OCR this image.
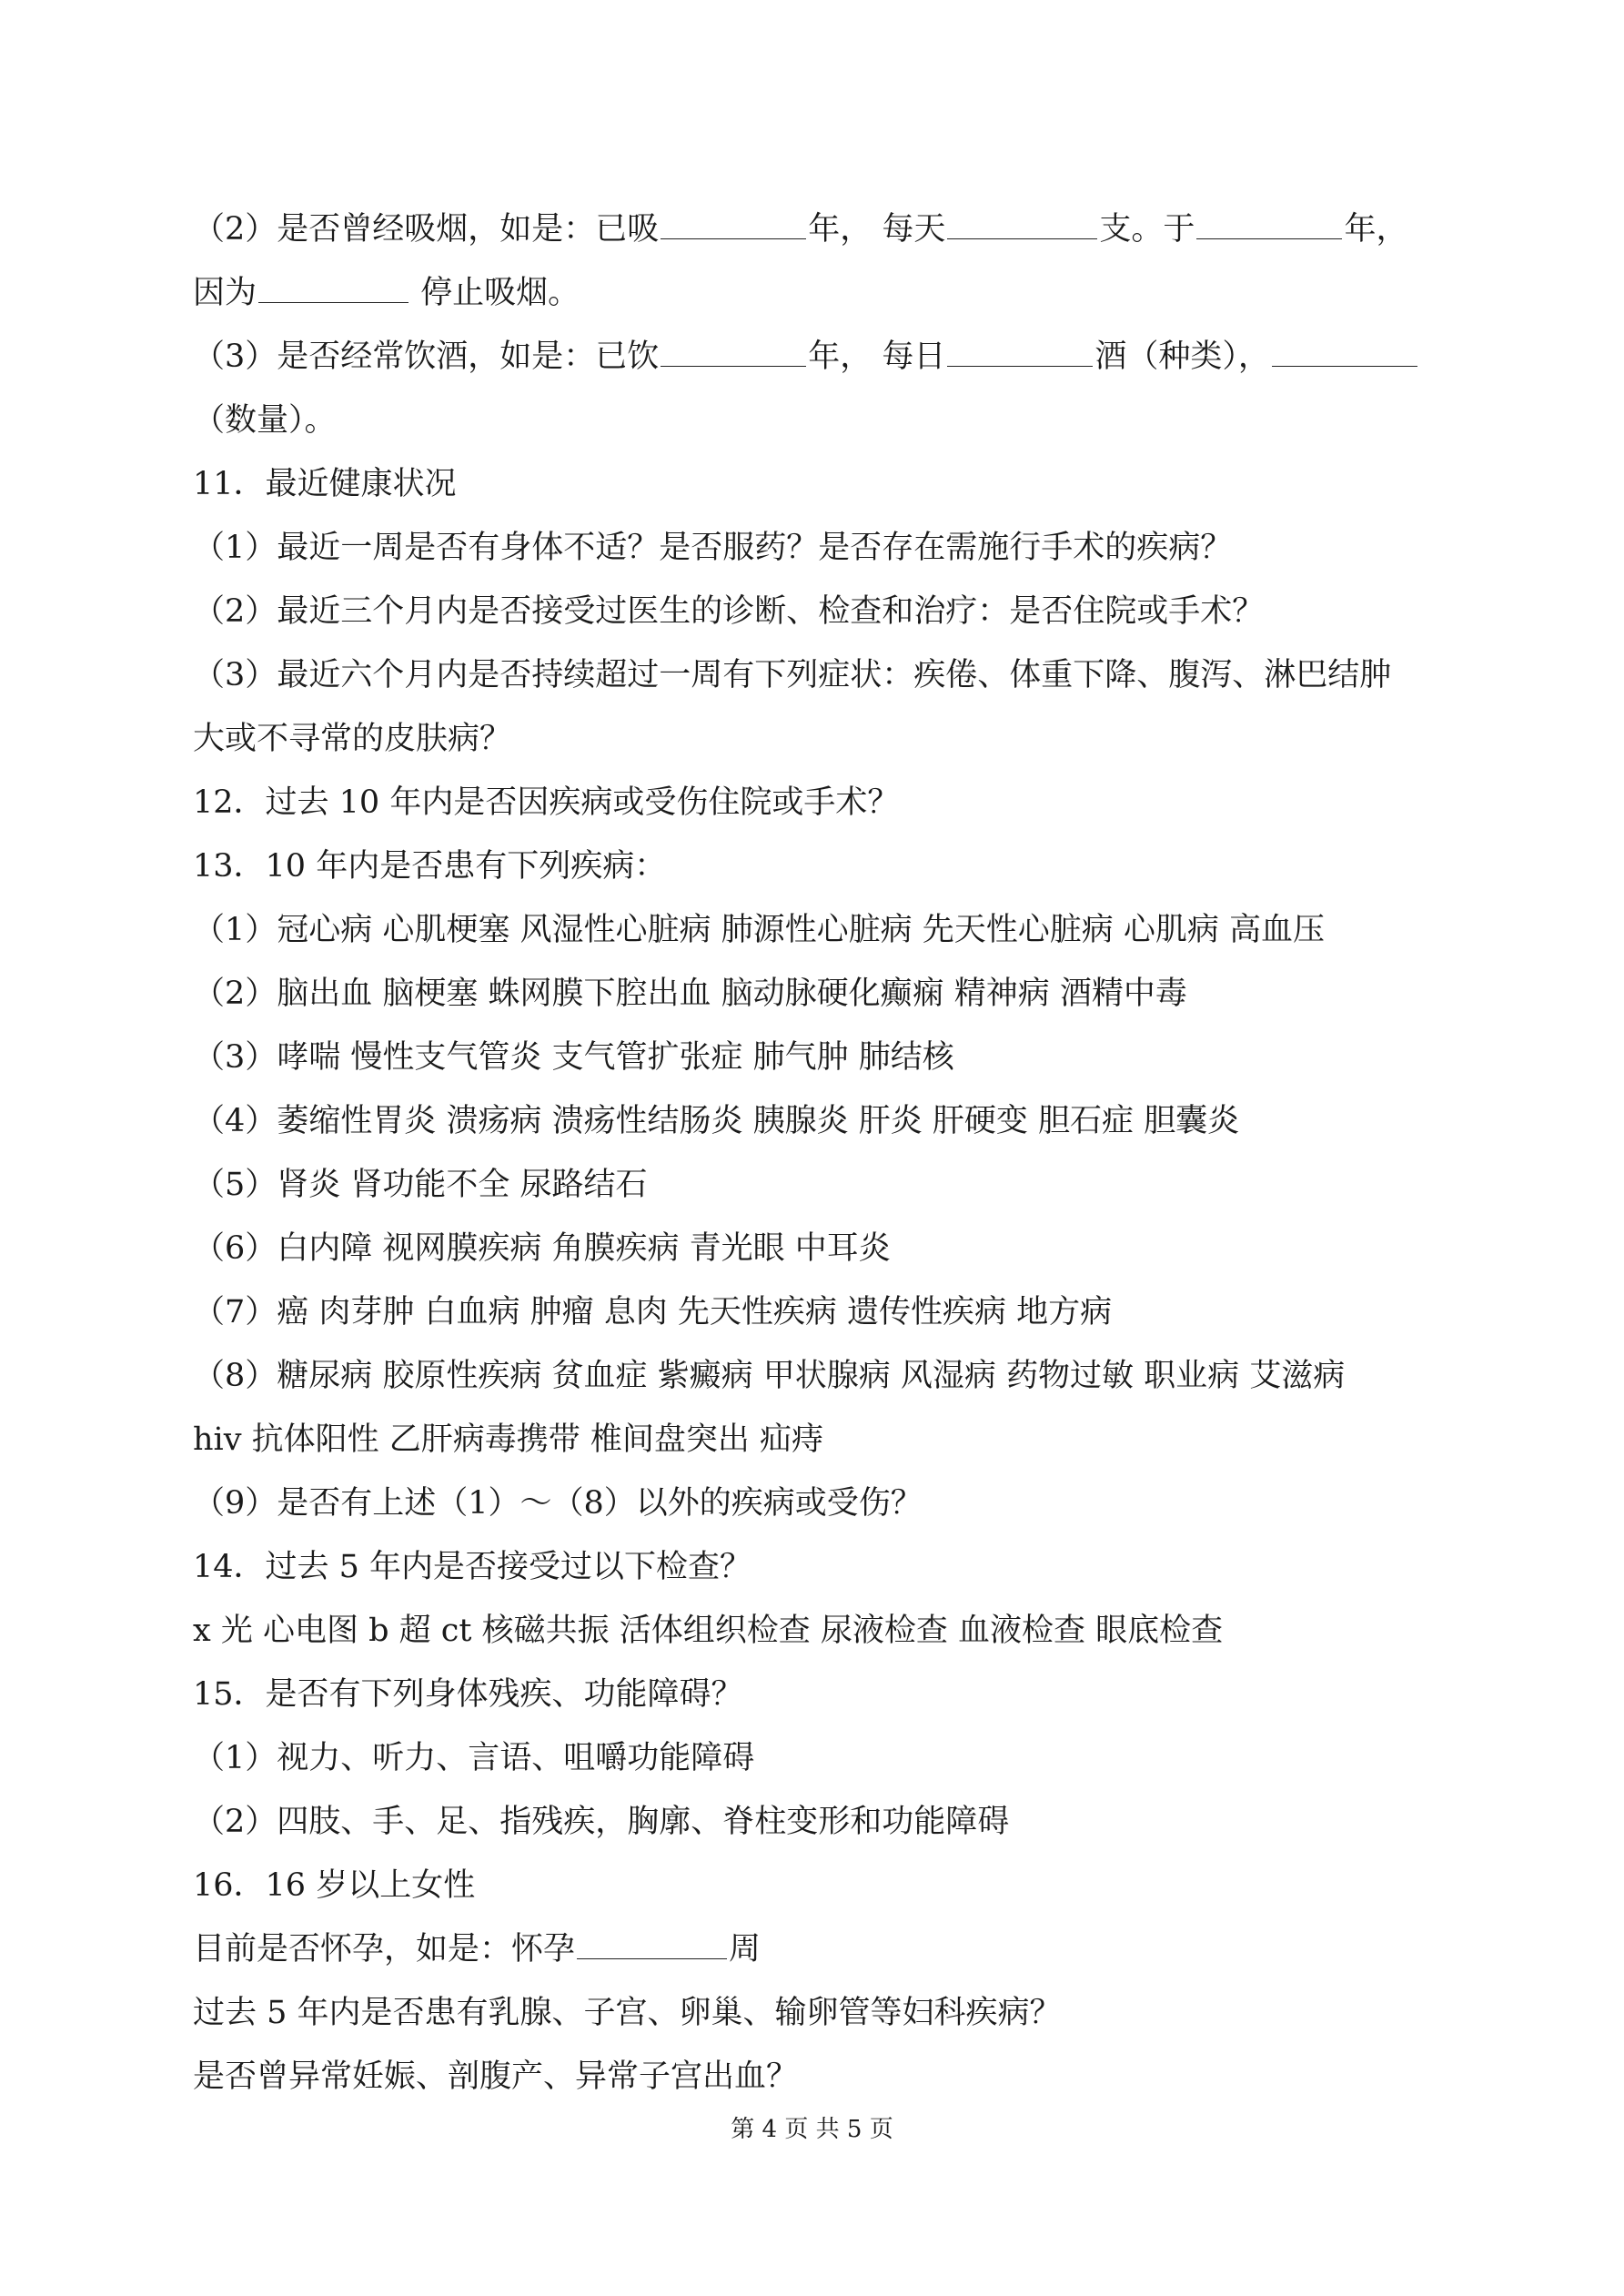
（2）是否曾经吸烟，如是：已吸	年， 每天	支。于	年，
因为	停止吸烟。
（3）是否经常饮酒，如是：已饮	年， 每日	酒（种类），
（数量）。
11．最近健康状况
（1）最近一周是否有身体不适？是否服药？是否存在需施行手术的疾病？
（2）最近三个月内是否接受过医生的诊断、检查和治疗：是否住院或手术？
（3）最近六个月内是否持续超过一周有下列症状：疾倦、体重下降、腹泻、淋巴结肿
大或不寻常的皮肤病？
12．过去 10 年内是否因疾病或受伤住院或手术？
13．10 年内是否患有下列疾病：
（1）冠心病 心肌梗塞 风湿性心脏病 肺源性心脏病 先天性心脏病 心肌病 高血压
（2）脑出血 脑梗塞 蛛网膜下腔出血 脑动脉硬化癫痫 精神病 酒精中毒
（3）哮喘 慢性支气管炎 支气管扩张症 肺气肿 肺结核
（4）萎缩性胃炎 溃疡病 溃疡性结肠炎 胰腺炎 肝炎 肝硬变 胆石症 胆囊炎
（5）肾炎 肾功能不全 尿路结石
（6）白内障 视网膜疾病 角膜疾病 青光眼 中耳炎
（7）癌 肉芽肿 白血病 肿瘤 息肉 先天性疾病 遗传性疾病 地方病
（8）糖尿病 胶原性疾病 贫血症 紫癜病 甲状腺病 风湿病 药物过敏 职业病 艾滋病
hiv 抗体阳性 乙肝病毒携带 椎间盘突出 疝痔
（9）是否有上述（1）～（8）以外的疾病或受伤？
14．过去 5 年内是否接受过以下检查？
x 光 心电图 b 超 ct 核磁共振 活体组织检查 尿液检查 血液检查 眼底检查
15．是否有下列身体残疾、功能障碍？
（1）视力、听力、言语、咀嚼功能障碍
（2）四肢、手、足、指残疾，胸廓、脊柱变形和功能障碍
16．16 岁以上女性
目前是否怀孕，如是：怀孕	周
过去 5 年内是否患有乳腺、子宫、卵巢、输卵管等妇科疾病？
是否曾异常妊娠、剖腹产、异常子宫出血？
第 4 页 共 5 页
